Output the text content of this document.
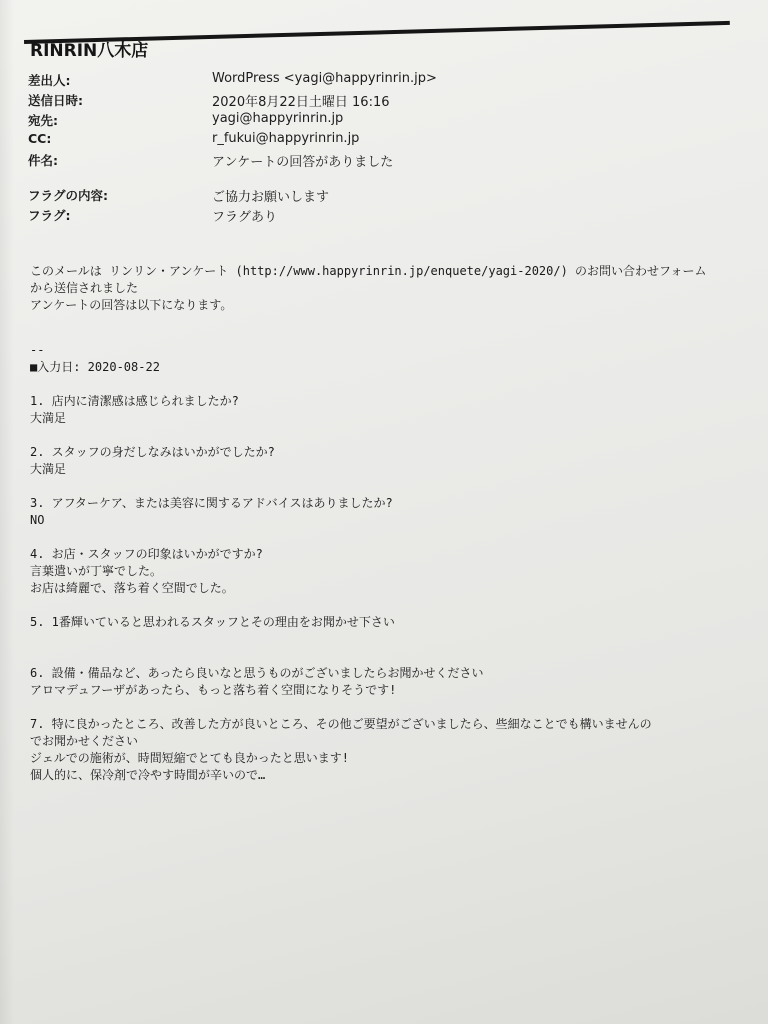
RINRIN八木店
差出人:	WordPress <yagi@happyrinrin.jp>
送信日時:	2020年8月22日土曜日 16:16
宛先:	yagi@happyrinrin.jp
CC:	r_fukui@happyrinrin.jp
件名:	アンケートの回答がありました
フラグの内容:	ご協力お願いします
フラグ:	フラグあり
このメールは リンリン・アンケート (http://www.happyrinrin.jp/enquete/yagi-2020/) のお問い合わせフォーム
から送信されました
アンケートの回答は以下になります。
--
■入力日: 2020-08-22
1. 店内に清潔感は感じられましたか?
大満足
2. スタッフの身だしなみはいかがでしたか?
大満足
3. アフターケア、または美容に関するアドバイスはありましたか?
NO
4. お店・スタッフの印象はいかがですか?
言葉遣いが丁寧でした。
お店は綺麗で、落ち着く空間でした。
5. 1番輝いていると思われるスタッフとその理由をお聞かせ下さい
6. 設備・備品など、あったら良いなと思うものがございましたらお聞かせください
アロマデュフーザがあったら、もっと落ち着く空間になりそうです!
7. 特に良かったところ、改善した方が良いところ、その他ご要望がございましたら、些細なことでも構いませんの
でお聞かせください
ジェルでの施術が、時間短縮でとても良かったと思います!
個人的に、保冷剤で冷やす時間が辛いので…
